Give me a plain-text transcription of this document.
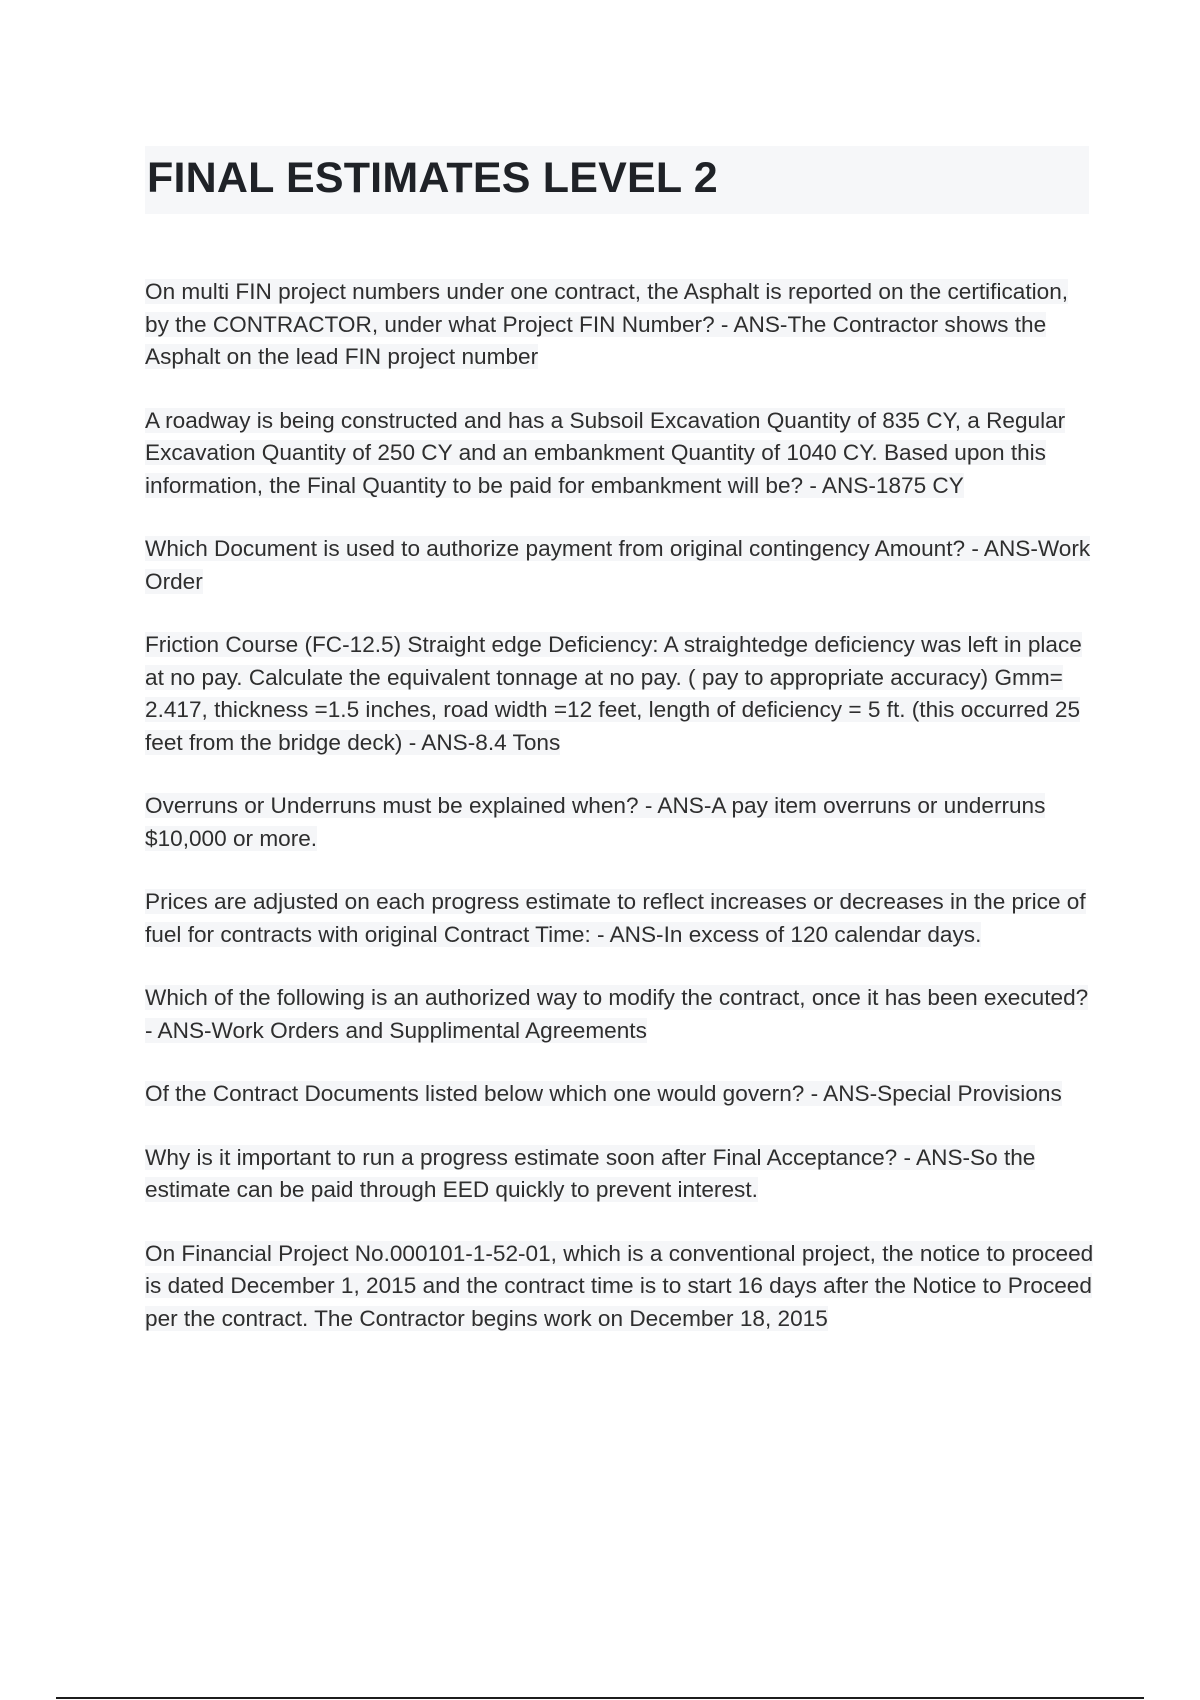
FINAL ESTIMATES LEVEL 2

On multi FIN project numbers under one contract, the Asphalt is reported on the certification, by the CONTRACTOR, under what Project FIN Number? - ANS-The Contractor shows the Asphalt on the lead FIN project number

A roadway is being constructed and has a Subsoil Excavation Quantity of 835 CY, a Regular Excavation Quantity of 250 CY and an embankment Quantity of 1040 CY. Based upon this information, the Final Quantity to be paid for embankment will be? - ANS-1875 CY

Which Document is used to authorize payment from original contingency Amount? - ANS-Work Order

Friction Course (FC-12.5) Straight edge Deficiency: A straightedge deficiency was left in place at no pay. Calculate the equivalent tonnage at no pay. ( pay to appropriate accuracy) Gmm= 2.417, thickness =1.5 inches, road width =12 feet, length of deficiency = 5 ft. (this occurred 25 feet from the bridge deck) - ANS-8.4 Tons

Overruns or Underruns must be explained when? - ANS-A pay item overruns or underruns $10,000 or more.

Prices are adjusted on each progress estimate to reflect increases or decreases in the price of fuel for contracts with original Contract Time: - ANS-In excess of 120 calendar days.

Which of the following is an authorized way to modify the contract, once it has been executed? - ANS-Work Orders and Supplimental Agreements

Of the Contract Documents listed below which one would govern? - ANS-Special Provisions

Why is it important to run a progress estimate soon after Final Acceptance? - ANS-So the estimate can be paid through EED quickly to prevent interest.

On Financial Project No.000101-1-52-01, which is a conventional project, the notice to proceed is dated December 1, 2015 and the contract time is to start 16 days after the Notice to Proceed per the contract. The Contractor begins work on December 18, 2015
